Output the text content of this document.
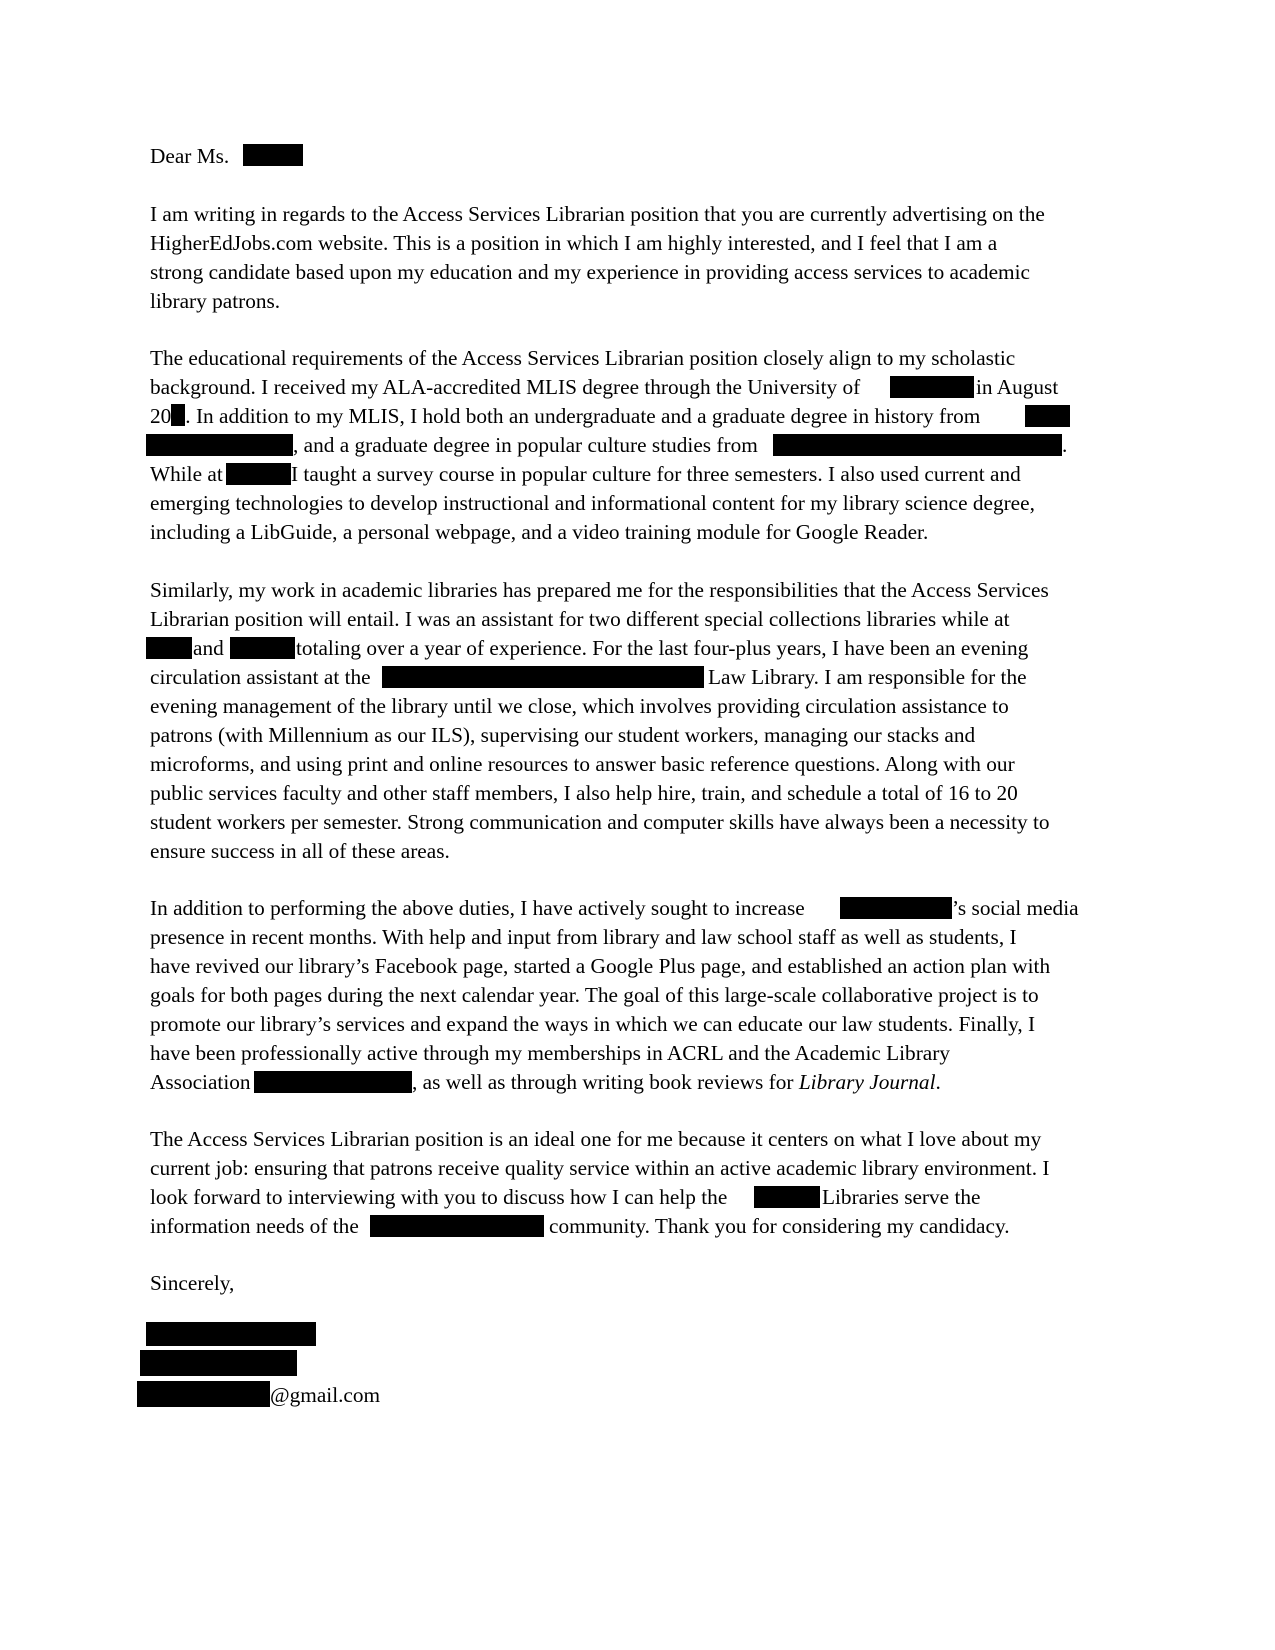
Dear Ms.
I am writing in regards to the Access Services Librarian position that you are currently advertising on the
HigherEdJobs.com website. This is a position in which I am highly interested, and I feel that I am a
strong candidate based upon my education and my experience in providing access services to academic
library patrons.
The educational requirements of the Access Services Librarian position closely align to my scholastic
background. I received my ALA-accredited MLIS degree through the University of	in August
20 . In addition to my MLIS, I hold both an undergraduate and a graduate degree in history from
, and a graduate degree in popular culture studies from	.
While at	I taught a survey course in popular culture for three semesters. I also used current and
emerging technologies to develop instructional and informational content for my library science degree,
including a LibGuide, a personal webpage, and a video training module for Google Reader.
Similarly, my work in academic libraries has prepared me for the responsibilities that the Access Services
Librarian position will entail. I was an assistant for two different special collections libraries while at
and	totaling over a year of experience. For the last four-plus years, I have been an evening
circulation assistant at the	Law Library. I am responsible for the
evening management of the library until we close, which involves providing circulation assistance to
patrons (with Millennium as our ILS), supervising our student workers, managing our stacks and
microforms, and using print and online resources to answer basic reference questions. Along with our
public services faculty and other staff members, I also help hire, train, and schedule a total of 16 to 20
student workers per semester. Strong communication and computer skills have always been a necessity to
ensure success in all of these areas.
In addition to performing the above duties, I have actively sought to increase	’s social media
presence in recent months. With help and input from library and law school staff as well as students, I
have revived our library’s Facebook page, started a Google Plus page, and established an action plan with
goals for both pages during the next calendar year. The goal of this large-scale collaborative project is to
promote our library’s services and expand the ways in which we can educate our law students. Finally, I
have been professionally active through my memberships in ACRL and the Academic Library
Association	, as well as through writing book reviews for Library Journal.
The Access Services Librarian position is an ideal one for me because it centers on what I love about my
current job: ensuring that patrons receive quality service within an active academic library environment. I
look forward to interviewing with you to discuss how I can help the	Libraries serve the
information needs of the	community. Thank you for considering my candidacy.
Sincerely,
@gmail.com
